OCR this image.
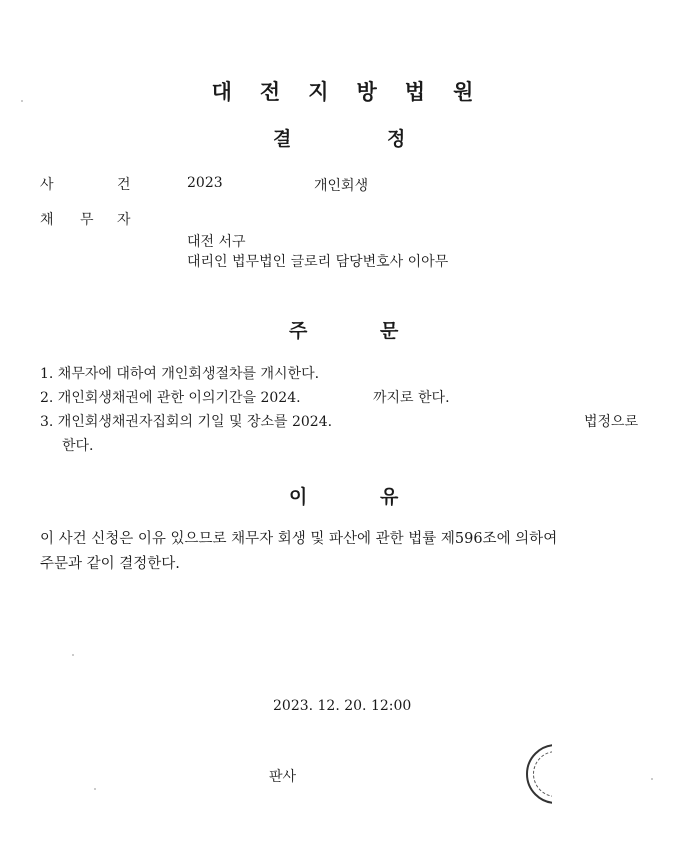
대전지방법원
결	정
사	건	2023	개인회생
채 무 자
대전 서구
대리인 법무법인 글로리 담당변호사 이아무
주	문
1. 채무자에 대하여 개인회생절차를 개시한다.
2. 개인회생채권에 관한 이의기간을 2024.	까지로 한다.
3. 개인회생채권자집회의 기일 및 장소를 2024.	법정으로
한다.
이	유
이 사건 신청은 이유 있으므로 채무자 회생 및 파산에 관한 법률 제596조에 의하여
주문과 같이 결정한다.
2023. 12. 20. 12:00
판사
